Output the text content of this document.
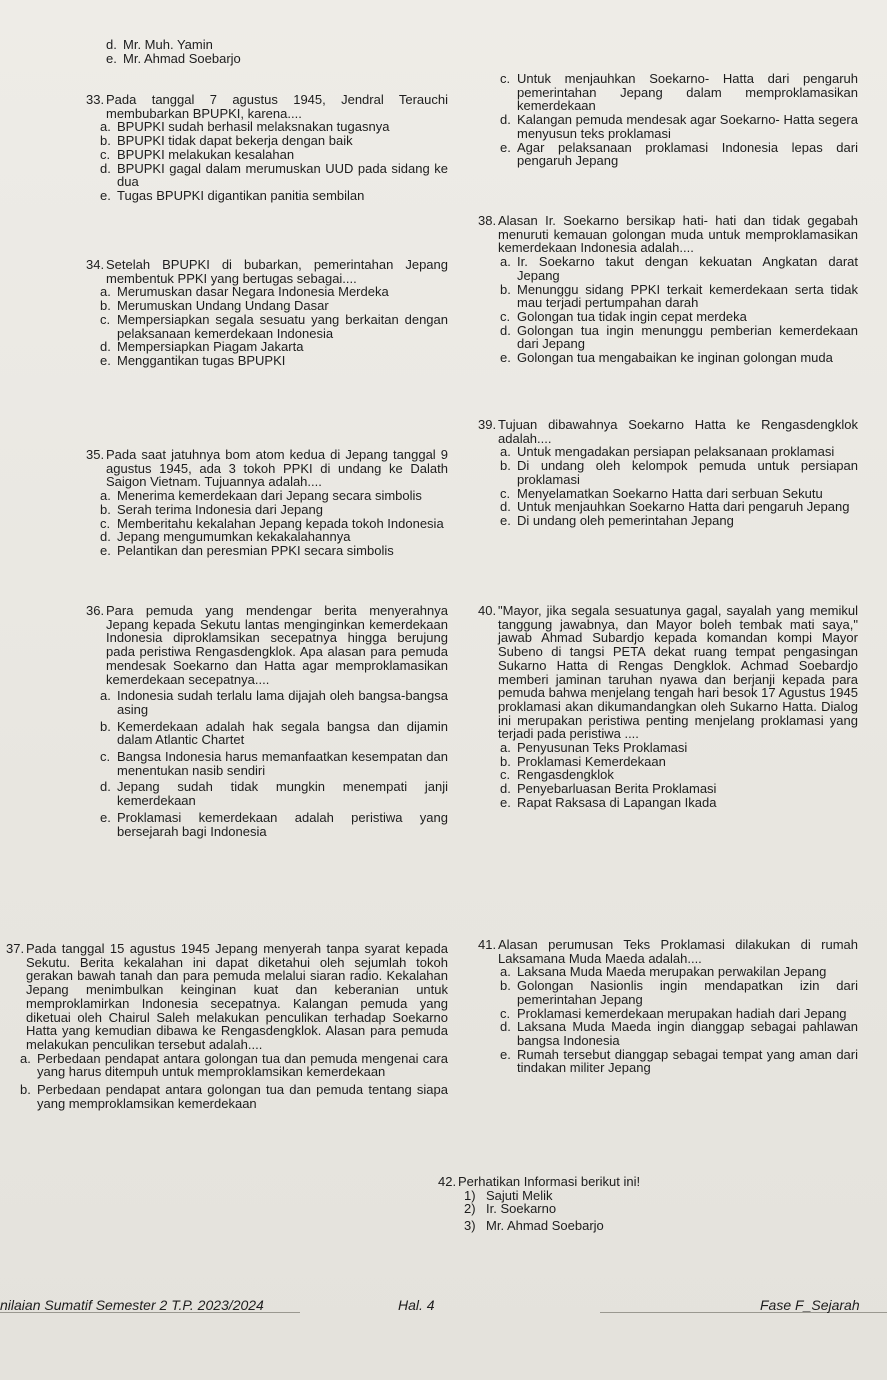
d. Mr. Muh. Yamin
e. Mr. Ahmad Soebarjo
33. Pada tanggal 7 agustus 1945, Jendral Terauchi membubarkan BPUPKI, karena....
a. BPUPKI sudah berhasil melaksnakan tugasnya
b. BPUPKI tidak dapat bekerja dengan baik
c. BPUPKI melakukan kesalahan
d. BPUPKI gagal dalam merumuskan UUD pada sidang ke dua
e. Tugas BPUPKI digantikan panitia sembilan
34. Setelah BPUPKI di bubarkan, pemerintahan Jepang membentuk PPKI yang bertugas sebagai....
a. Merumuskan dasar Negara Indonesia Merdeka
b. Merumuskan Undang Undang Dasar
c. Mempersiapkan segala sesuatu yang berkaitan dengan pelaksanaan kemerdekaan Indonesia
d. Mempersiapkan Piagam Jakarta
e. Menggantikan tugas BPUPKI
35. Pada saat jatuhnya bom atom kedua di Jepang tanggal 9 agustus 1945, ada 3 tokoh PPKI di undang ke Dalath Saigon Vietnam. Tujuannya adalah....
a. Menerima kemerdekaan dari Jepang secara simbolis
b. Serah terima Indonesia dari Jepang
c. Memberitahu kekalahan Jepang kepada tokoh Indonesia
d. Jepang mengumumkan kekakalahannya
e. Pelantikan dan peresmian PPKI secara simbolis
36. Para pemuda yang mendengar berita menyerahnya Jepang kepada Sekutu lantas menginginkan kemerdekaan Indonesia diproklamsikan secepatnya hingga berujung pada peristiwa Rengasdengklok. Apa alasan para pemuda mendesak Soekarno dan Hatta agar memproklamasikan kemerdekaan secepatnya....
a. Indonesia sudah terlalu lama dijajah oleh bangsa-bangsa asing
b. Kemerdekaan adalah hak segala bangsa dan dijamin dalam Atlantic Chartet
c. Bangsa Indonesia harus memanfaatkan kesempatan dan menentukan nasib sendiri
d. Jepang sudah tidak mungkin menempati janji kemerdekaan
e. Proklamasi kemerdekaan adalah peristiwa yang bersejarah bagi Indonesia
37. Pada tanggal 15 agustus 1945 Jepang menyerah tanpa syarat kepada Sekutu. Berita kekalahan ini dapat diketahui oleh sejumlah tokoh gerakan bawah tanah dan para pemuda melalui siaran radio. Kekalahan Jepang menimbulkan keinginan kuat dan keberanian untuk memproklamirkan Indonesia secepatnya. Kalangan pemuda yang diketuai oleh Chairul Saleh melakukan penculikan terhadap Soekarno Hatta yang kemudian dibawa ke Rengasdengklok. Alasan para pemuda melakukan penculikan tersebut adalah....
a. Perbedaan pendapat antara golongan tua dan pemuda mengenai cara yang harus ditempuh untuk memproklamsikan kemerdekaan
b. Perbedaan pendapat antara golongan tua dan pemuda tentang siapa yang memproklamsikan kemerdekaan
c. Untuk menjauhkan Soekarno- Hatta dari pengaruh pemerintahan Jepang dalam memproklamasikan kemerdekaan
d. Kalangan pemuda mendesak agar Soekarno- Hatta segera menyusun teks proklamasi
e. Agar pelaksanaan proklamasi Indonesia lepas dari pengaruh Jepang
38. Alasan Ir. Soekarno bersikap hati- hati dan tidak gegabah menuruti kemauan golongan muda untuk memproklamasikan kemerdekaan Indonesia adalah....
a. Ir. Soekarno takut dengan kekuatan Angkatan darat Jepang
b. Menunggu sidang PPKI terkait kemerdekaan serta tidak mau terjadi pertumpahan darah
c. Golongan tua tidak ingin cepat merdeka
d. Golongan tua ingin menunggu pemberian kemerdekaan dari Jepang
e. Golongan tua mengabaikan ke inginan golongan muda
39. Tujuan dibawahnya Soekarno Hatta ke Rengasdengklok adalah....
a. Untuk mengadakan persiapan pelaksanaan proklamasi
b. Di undang oleh kelompok pemuda untuk persiapan proklamasi
c. Menyelamatkan Soekarno Hatta dari serbuan Sekutu
d. Untuk menjauhkan Soekarno Hatta dari pengaruh Jepang
e. Di undang oleh pemerintahan Jepang
40. "Mayor, jika segala sesuatunya gagal, sayalah yang memikul tanggung jawabnya, dan Mayor boleh tembak mati saya," jawab Ahmad Subardjo kepada komandan kompi Mayor Subeno di tangsi PETA dekat ruang tempat pengasingan Sukarno Hatta di Rengas Dengklok. Achmad Soebardjo memberi jaminan taruhan nyawa dan berjanji kepada para pemuda bahwa menjelang tengah hari besok 17 Agustus 1945 proklamasi akan dikumandangkan oleh Sukarno Hatta. Dialog ini merupakan peristiwa penting menjelang proklamasi yang terjadi pada peristiwa ....
a. Penyusunan Teks Proklamasi
b. Proklamasi Kemerdekaan
c. Rengasdengklok
d. Penyebarluasan Berita Proklamasi
e. Rapat Raksasa di Lapangan Ikada
41. Alasan perumusan Teks Proklamasi dilakukan di rumah Laksamana Muda Maeda adalah....
a. Laksana Muda Maeda merupakan perwakilan Jepang
b. Golongan Nasionlis ingin mendapatkan izin dari pemerintahan Jepang
c. Proklamasi kemerdekaan merupakan hadiah dari Jepang
d. Laksana Muda Maeda ingin dianggap sebagai pahlawan bangsa Indonesia
e. Rumah tersebut dianggap sebagai tempat yang aman dari tindakan militer Jepang
42. Perhatikan Informasi berikut ini!
1) Sajuti Melik
2) Ir. Soekarno
3) Mr. Ahmad Soebarjo
nilaian Sumatif Semester 2 T.P. 2023/2024	Hal. 4	Fase F_Sejarah
